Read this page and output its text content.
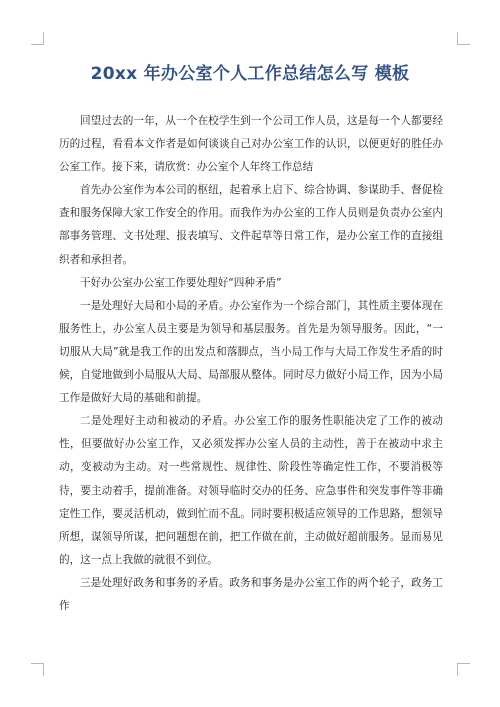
20xx 年办公室个人工作总结怎么写 模板

回望过去的一年，从一个在校学生到一个公司工作人员，这是每一个人都要经历的过程，看看本文作者是如何谈谈自己对办公室工作的认识，以便更好的胜任办公室工作。接下来，请欣赏：办公室个人年终工作总结

首先办公室作为本公司的枢纽，起着承上启下、综合协调、参谋助手、督促检查和服务保障大家工作安全的作用。而我作为办公室的工作人员则是负责办公室内部事务管理、文书处理、报表填写、文件起草等日常工作，是办公室工作的直接组织者和承担者。

干好办公室办公室工作要处理好“四种矛盾”

一是处理好大局和小局的矛盾。办公室作为一个综合部门，其性质主要体现在服务性上，办公室人员主要是为领导和基层服务。首先是为领导服务。因此，“一切服从大局”就是我工作的出发点和落脚点，当小局工作与大局工作发生矛盾的时候，自觉地做到小局服从大局、局部服从整体。同时尽力做好小局工作，因为小局工作是做好大局的基础和前提。

二是处理好主动和被动的矛盾。办公室工作的服务性职能决定了工作的被动性，但要做好办公室工作，又必须发挥办公室人员的主动性，善于在被动中求主动，变被动为主动。对一些常规性、规律性、阶段性等确定性工作，不要消极等待，要主动着手，提前准备。对领导临时交办的任务、应急事件和突发事件等非确定性工作，要灵活机动，做到忙而不乱。同时要积极适应领导的工作思路，想领导所想，谋领导所谋，把问题想在前，把工作做在前，主动做好超前服务。显而易见的，这一点上我做的就很不到位。

三是处理好政务和事务的矛盾。政务和事务是办公室工作的两个轮子，政务工作
